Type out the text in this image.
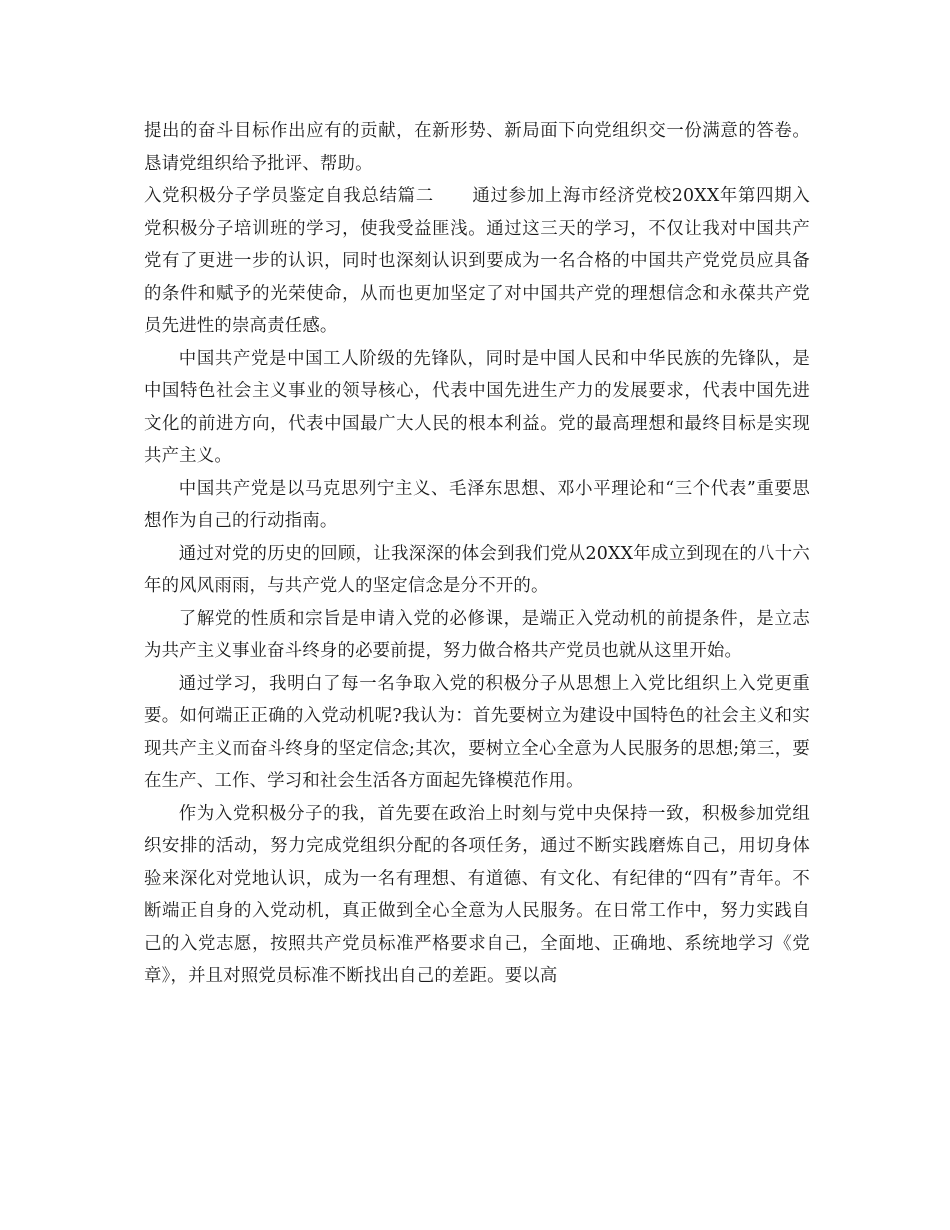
提出的奋斗目标作出应有的贡献，在新形势、新局面下向党组织交一份满意的答卷。恳请党组织给予批评、帮助。

入党积极分子学员鉴定自我总结篇二 通过参加上海市经济党校20XX年第四期入党积极分子培训班的学习，使我受益匪浅。通过这三天的学习，不仅让我对中国共产党有了更进一步的认识，同时也深刻认识到要成为一名合格的中国共产党党员应具备的条件和赋予的光荣使命，从而也更加坚定了对中国共产党的理想信念和永葆共产党员先进性的崇高责任感。

中国共产党是中国工人阶级的先锋队，同时是中国人民和中华民族的先锋队，是中国特色社会主义事业的领导核心，代表中国先进生产力的发展要求，代表中国先进文化的前进方向，代表中国最广大人民的根本利益。党的最高理想和最终目标是实现共产主义。

中国共产党是以马克思列宁主义、毛泽东思想、邓小平理论和“三个代表”重要思想作为自己的行动指南。

通过对党的历史的回顾，让我深深的体会到我们党从20XX年成立到现在的八十六年的风风雨雨，与共产党人的坚定信念是分不开的。

了解党的性质和宗旨是申请入党的必修课，是端正入党动机的前提条件，是立志为共产主义事业奋斗终身的必要前提，努力做合格共产党员也就从这里开始。

通过学习，我明白了每一名争取入党的积极分子从思想上入党比组织上入党更重要。如何端正正确的入党动机呢?我认为：首先要树立为建设中国特色的社会主义和实现共产主义而奋斗终身的坚定信念;其次，要树立全心全意为人民服务的思想;第三，要在生产、工作、学习和社会生活各方面起先锋模范作用。

作为入党积极分子的我，首先要在政治上时刻与党中央保持一致，积极参加党组织安排的活动，努力完成党组织分配的各项任务，通过不断实践磨炼自己，用切身体验来深化对党地认识，成为一名有理想、有道德、有文化、有纪律的“四有”青年。不断端正自身的入党动机，真正做到全心全意为人民服务。在日常工作中，努力实践自己的入党志愿，按照共产党员标准严格要求自己，全面地、正确地、系统地学习《党章》，并且对照党员标准不断找出自己的差距。要以高
